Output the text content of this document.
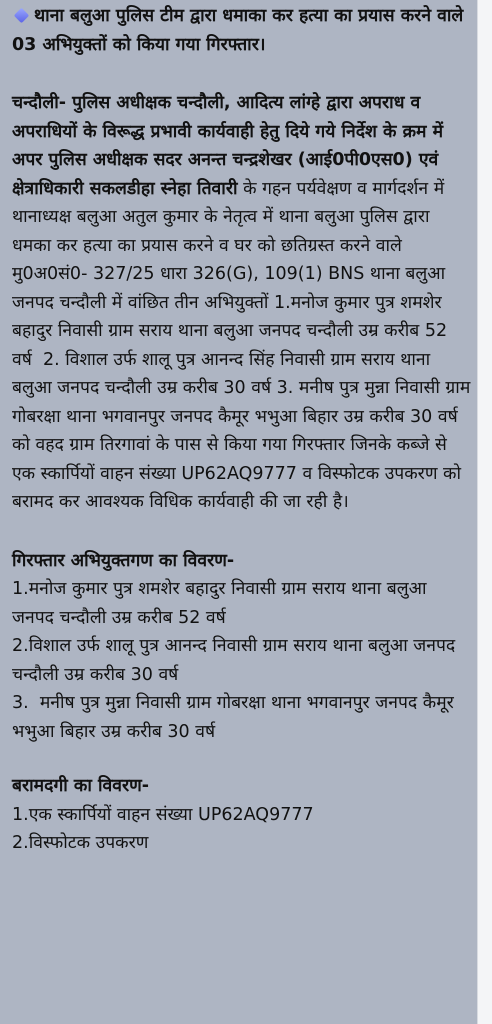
थाना बलुआ पुलिस टीम द्वारा धमाका कर हत्या का प्रयास करने वाले 03 अभियुक्तों को किया गया गिरफ्तार।

चन्दौली- पुलिस अधीक्षक चन्दौली, आदित्य लांग्हे द्वारा अपराध व अपराधियों के विरूद्ध प्रभावी कार्यवाही हेतु दिये गये निर्देश के क्रम में अपर पुलिस अधीक्षक सदर अनन्त चन्द्रशेखर (आई0पी0एस0) एवं क्षेत्राधिकारी सकलडीहा स्नेहा तिवारी के गहन पर्यवेक्षण व मार्गदर्शन में थानाध्यक्ष बलुआ अतुल कुमार के नेतृत्व में थाना बलुआ पुलिस द्वारा धमका कर हत्या का प्रयास करने व घर को छतिग्रस्त करने वाले मु0अ0सं0- 327/25 धारा 326(G), 109(1) BNS थाना बलुआ जनपद चन्दौली में वांछित तीन अभियुक्तों 1.मनोज कुमार पुत्र शमशेर बहादुर निवासी ग्राम सराय थाना बलुआ जनपद चन्दौली उम्र करीब 52 वर्ष  2. विशाल उर्फ शालू पुत्र आनन्द सिंह निवासी ग्राम सराय थाना बलुआ जनपद चन्दौली उम्र करीब 30 वर्ष 3. मनीष पुत्र मुन्ना निवासी ग्राम गोबरक्षा थाना भगवानपुर जनपद कैमूर भभुआ बिहार उम्र करीब 30 वर्ष को वहद ग्राम तिरगावां के पास से किया गया गिरफ्तार जिनके कब्जे से एक स्कार्पियों वाहन संख्या UP62AQ9777 व विस्फोटक उपकरण को बरामद कर आवश्यक विधिक कार्यवाही की जा रही है।

गिरफ्तार अभियुक्तगण का विवरण-

1.मनोज कुमार पुत्र शमशेर बहादुर निवासी ग्राम सराय थाना बलुआ जनपद चन्दौली उम्र करीब 52 वर्ष

2.विशाल उर्फ शालू पुत्र आनन्द निवासी ग्राम सराय थाना बलुआ जनपद चन्दौली उम्र करीब 30 वर्ष

3.  मनीष पुत्र मुन्ना निवासी ग्राम गोबरक्षा थाना भगवानपुर जनपद कैमूर भभुआ बिहार उम्र करीब 30 वर्ष

बरामदगी का विवरण-

1.एक स्कार्पियों वाहन संख्या UP62AQ9777

2.विस्फोटक उपकरण
